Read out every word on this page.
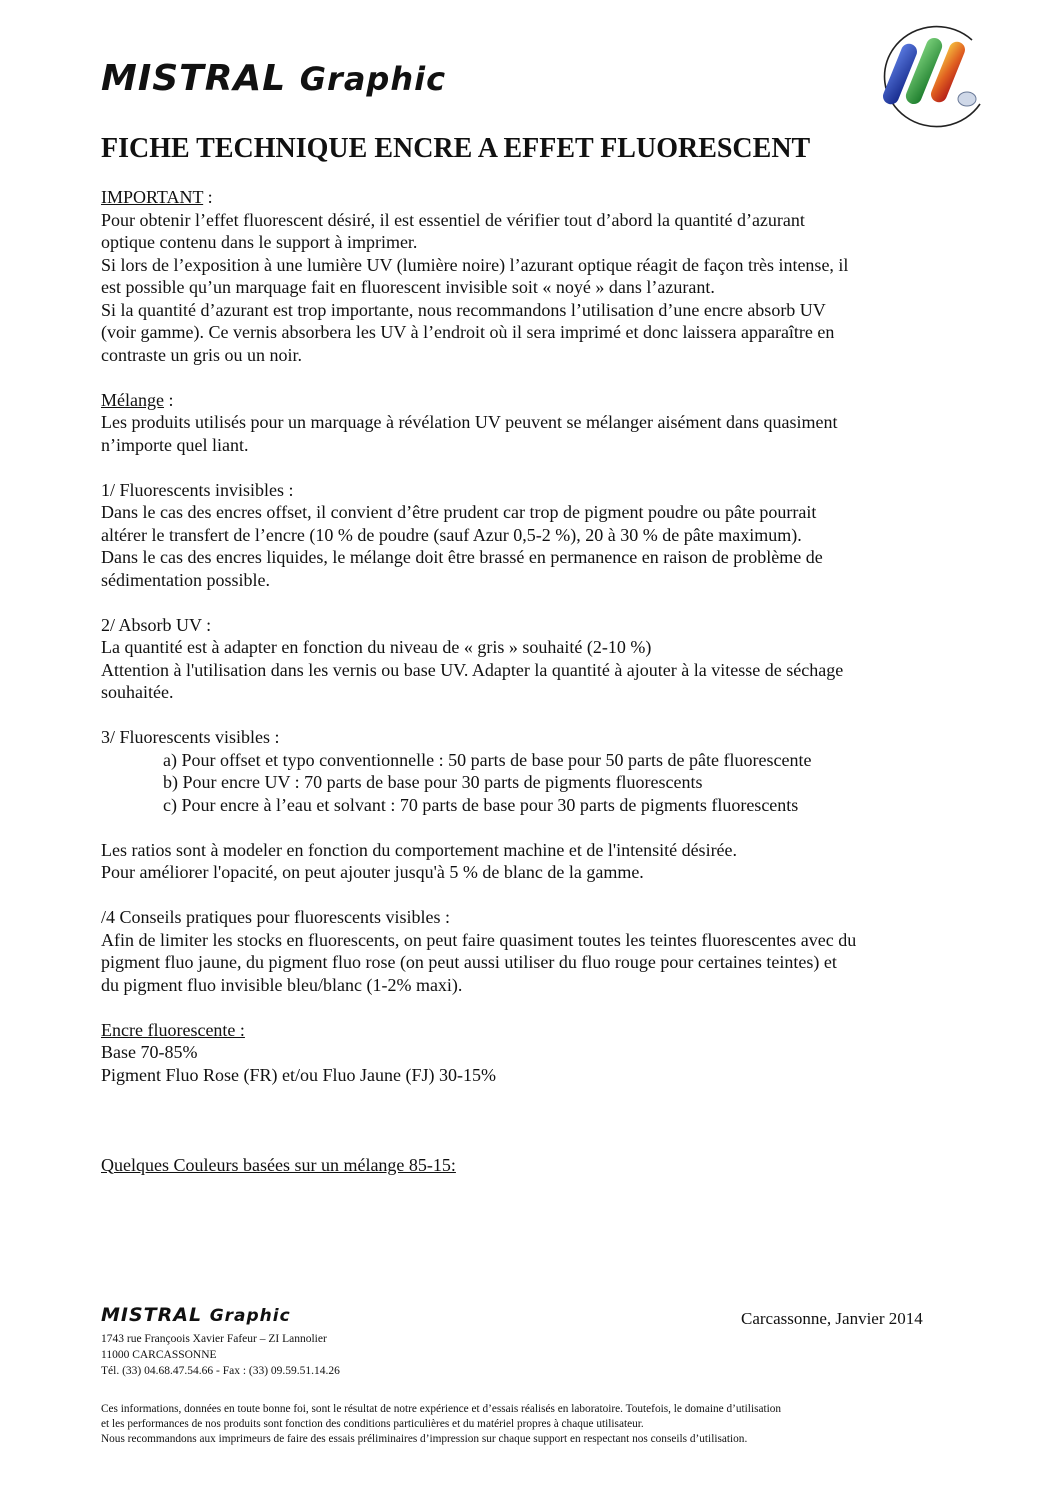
MISTRAL Graphic
FICHE TECHNIQUE ENCRE A EFFET FLUORESCENT

IMPORTANT :

Pour obtenir l’effet fluorescent désiré, il est essentiel de vérifier tout d’abord la quantité d’azurant

optique contenu dans le support à imprimer.

Si lors de l’exposition à une lumière UV (lumière noire) l’azurant optique réagit de façon très intense, il

est possible qu’un marquage fait en fluorescent invisible soit « noyé » dans l’azurant.

Si la quantité d’azurant est trop importante, nous recommandons l’utilisation d’une encre absorb UV

(voir gamme). Ce vernis absorbera les UV à l’endroit où il sera imprimé et donc laissera apparaître en

contraste un gris ou un noir.

Mélange :

Les produits utilisés pour un marquage à révélation UV peuvent se mélanger aisément dans quasiment

n’importe quel liant.

1/ Fluorescents invisibles :

Dans le cas des encres offset, il convient d’être prudent car trop de pigment poudre ou pâte pourrait

altérer le transfert de l’encre (10 % de poudre (sauf Azur 0,5-2 %), 20 à 30 % de pâte maximum).

Dans le cas des encres liquides, le mélange doit être brassé en permanence en raison de problème de

sédimentation possible.

2/ Absorb UV :

La quantité est à adapter en fonction du niveau de « gris » souhaité (2-10 %)

Attention à l'utilisation dans les vernis ou base UV. Adapter la quantité à ajouter à la vitesse de séchage

souhaitée.

3/ Fluorescents visibles :

a) Pour offset et typo conventionnelle : 50 parts de base pour 50 parts de pâte fluorescente

b) Pour encre UV : 70 parts de base pour 30 parts de pigments fluorescents

c) Pour encre à l’eau et solvant : 70 parts de base pour 30 parts de pigments fluorescents

Les ratios sont à modeler en fonction du comportement machine et de l'intensité désirée.

Pour améliorer l'opacité, on peut ajouter jusqu'à 5 % de blanc de la gamme.

/4 Conseils pratiques pour fluorescents visibles :

Afin de limiter les stocks en fluorescents, on peut faire quasiment toutes les teintes fluorescentes avec du

pigment fluo jaune, du pigment fluo rose (on peut aussi utiliser du fluo rouge pour certaines teintes) et

du pigment fluo invisible bleu/blanc (1-2% maxi).

Encre fluorescente :

Base 70-85%

Pigment Fluo Rose (FR) et/ou Fluo Jaune (FJ) 30-15%

Quelques Couleurs basées sur un mélange 85-15:

MISTRAL Graphic	Carcassonne, Janvier 2014
1743 rue Françoois Xavier Fafeur – ZI Lannolier
11000 CARCASSONNE
Tél. (33) 04.68.47.54.66 - Fax : (33) 09.59.51.14.26
Ces informations, données en toute bonne foi, sont le résultat de notre expérience et d’essais réalisés en laboratoire. Toutefois, le domaine d’utilisation
et les performances de nos produits sont fonction des conditions particulières et du matériel propres à chaque utilisateur.
Nous recommandons aux imprimeurs de faire des essais préliminaires d’impression sur chaque support en respectant nos conseils d’utilisation.
